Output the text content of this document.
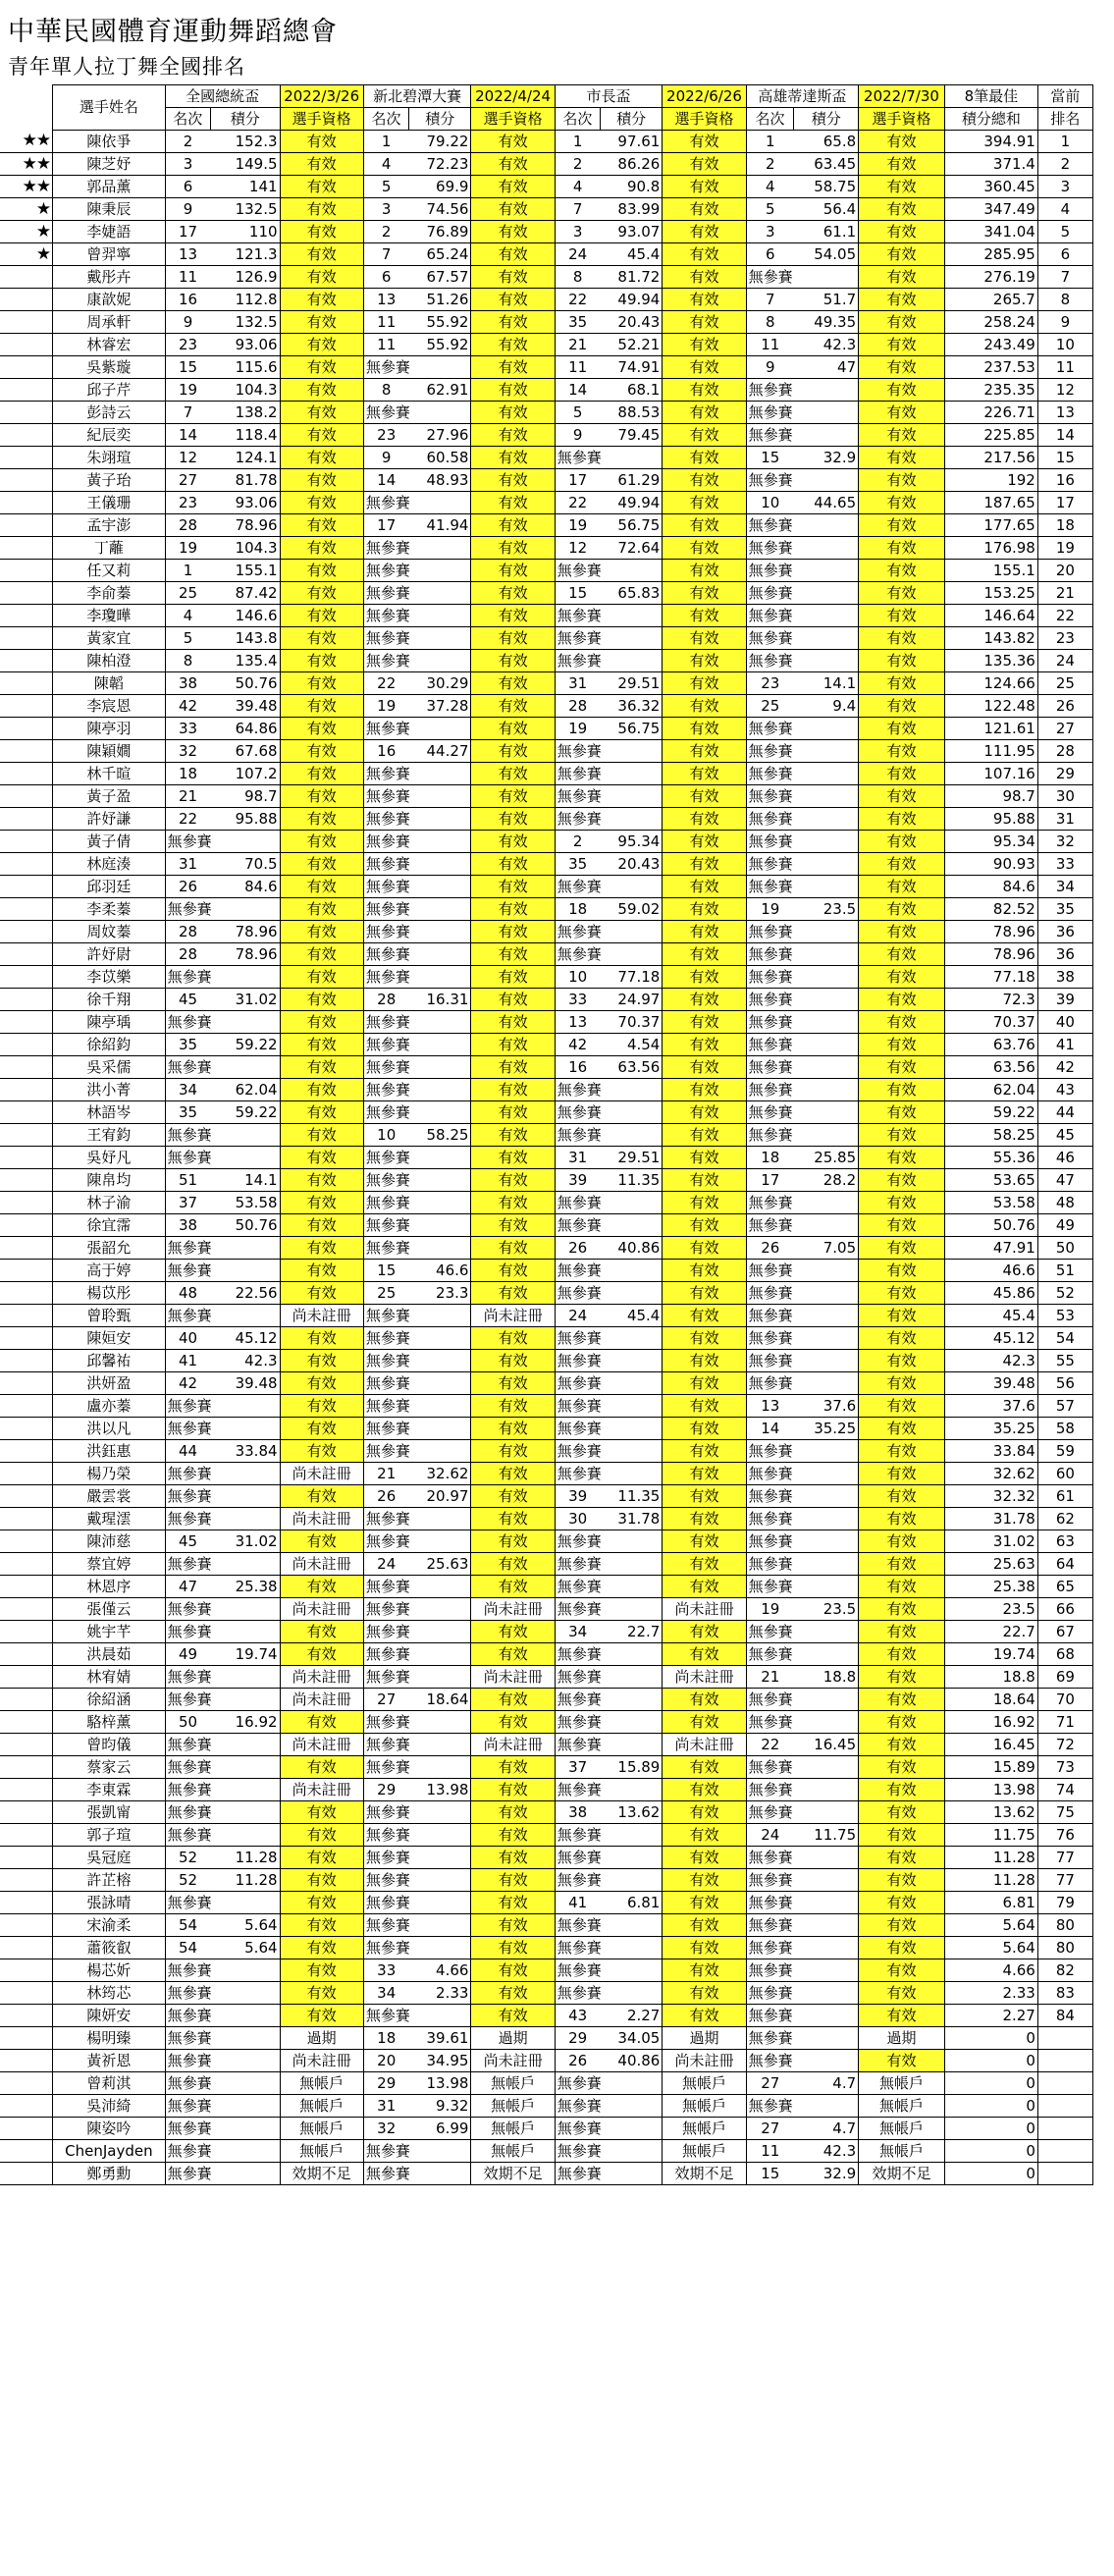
中華民國體育運動舞蹈總會
青年單人拉丁舞全國排名
	選手姓名	全國總統盃		2022/3/26	新北碧潭大賽		2022/4/24	市長盃		2022/6/26	高雄蒂達斯盃		2022/7/30	8筆最佳	當前
		名次	積分	選手資格	名次	積分	選手資格	名次	積分	選手資格	名次	積分	選手資格	積分總和	排名
★★	陳依爭	2	152.3	有效	1	79.22	有效	1	97.61	有效	1	65.8	有效	394.91	1
★★	陳芝妤	3	149.5	有效	4	72.23	有效	2	86.26	有效	2	63.45	有效	371.4	2
★★	郭品薰	6	141	有效	5	69.9	有效	4	90.8	有效	4	58.75	有效	360.45	3
★	陳秉辰	9	132.5	有效	3	74.56	有效	7	83.99	有效	5	56.4	有效	347.49	4
★	李婕語	17	110	有效	2	76.89	有效	3	93.07	有效	3	61.1	有效	341.04	5
★	曾羿寧	13	121.3	有效	7	65.24	有效	24	45.4	有效	6	54.05	有效	285.95	6
	戴彤卉	11	126.9	有效	6	67.57	有效	8	81.72	有效	無參賽		有效	276.19	7
	康歆妮	16	112.8	有效	13	51.26	有效	22	49.94	有效	7	51.7	有效	265.7	8
	周承軒	9	132.5	有效	11	55.92	有效	35	20.43	有效	8	49.35	有效	258.24	9
	林睿宏	23	93.06	有效	11	55.92	有效	21	52.21	有效	11	42.3	有效	243.49	10
	吳紫璇	15	115.6	有效	無參賽		有效	11	74.91	有效	9	47	有效	237.53	11
	邱子芹	19	104.3	有效	8	62.91	有效	14	68.1	有效	無參賽		有效	235.35	12
	彭詩云	7	138.2	有效	無參賽		有效	5	88.53	有效	無參賽		有效	226.71	13
	紀辰奕	14	118.4	有效	23	27.96	有效	9	79.45	有效	無參賽		有效	225.85	14
	朱翊瑄	12	124.1	有效	9	60.58	有效	無參賽		有效	15	32.9	有效	217.56	15
	黃子珆	27	81.78	有效	14	48.93	有效	17	61.29	有效	無參賽		有效	192	16
	王儀珊	23	93.06	有效	無參賽		有效	22	49.94	有效	10	44.65	有效	187.65	17
	孟宇澎	28	78.96	有效	17	41.94	有效	19	56.75	有效	無參賽		有效	177.65	18
	丁蘺	19	104.3	有效	無參賽		有效	12	72.64	有效	無參賽		有效	176.98	19
	任又莉	1	155.1	有效	無參賽		有效	無參賽		有效	無參賽		有效	155.1	20
	李俞蓁	25	87.42	有效	無參賽		有效	15	65.83	有效	無參賽		有效	153.25	21
	李瓊曄	4	146.6	有效	無參賽		有效	無參賽		有效	無參賽		有效	146.64	22
	黃家宜	5	143.8	有效	無參賽		有效	無參賽		有效	無參賽		有效	143.82	23
	陳柏澄	8	135.4	有效	無參賽		有效	無參賽		有效	無參賽		有效	135.36	24
	陳韜	38	50.76	有效	22	30.29	有效	31	29.51	有效	23	14.1	有效	124.66	25
	李宸恩	42	39.48	有效	19	37.28	有效	28	36.32	有效	25	9.4	有效	122.48	26
	陳亭羽	33	64.86	有效	無參賽		有效	19	56.75	有效	無參賽		有效	121.61	27
	陳穎嫺	32	67.68	有效	16	44.27	有效	無參賽		有效	無參賽		有效	111.95	28
	林千暄	18	107.2	有效	無參賽		有效	無參賽		有效	無參賽		有效	107.16	29
	黃子盈	21	98.7	有效	無參賽		有效	無參賽		有效	無參賽		有效	98.7	30
	許妤謙	22	95.88	有效	無參賽		有效	無參賽		有效	無參賽		有效	95.88	31
	黃子倩	無參賽		有效	無參賽		有效	2	95.34	有效	無參賽		有效	95.34	32
	林庭湊	31	70.5	有效	無參賽		有效	35	20.43	有效	無參賽		有效	90.93	33
	邱羽廷	26	84.6	有效	無參賽		有效	無參賽		有效	無參賽		有效	84.6	34
	李柔蓁	無參賽		有效	無參賽		有效	18	59.02	有效	19	23.5	有效	82.52	35
	周妏蓁	28	78.96	有效	無參賽		有效	無參賽		有效	無參賽		有效	78.96	36
	許妤尉	28	78.96	有效	無參賽		有效	無參賽		有效	無參賽		有效	78.96	36
	李苡樂	無參賽		有效	無參賽		有效	10	77.18	有效	無參賽		有效	77.18	38
	徐千翔	45	31.02	有效	28	16.31	有效	33	24.97	有效	無參賽		有效	72.3	39
	陳亭瑀	無參賽		有效	無參賽		有效	13	70.37	有效	無參賽		有效	70.37	40
	徐紹鈞	35	59.22	有效	無參賽		有效	42	4.54	有效	無參賽		有效	63.76	41
	吳采儒	無參賽		有效	無參賽		有效	16	63.56	有效	無參賽		有效	63.56	42
	洪小菁	34	62.04	有效	無參賽		有效	無參賽		有效	無參賽		有效	62.04	43
	林語岑	35	59.22	有效	無參賽		有效	無參賽		有效	無參賽		有效	59.22	44
	王宥鈞	無參賽		有效	10	58.25	有效	無參賽		有效	無參賽		有效	58.25	45
	吳妤凡	無參賽		有效	無參賽		有效	31	29.51	有效	18	25.85	有效	55.36	46
	陳帛均	51	14.1	有效	無參賽		有效	39	11.35	有效	17	28.2	有效	53.65	47
	林子渝	37	53.58	有效	無參賽		有效	無參賽		有效	無參賽		有效	53.58	48
	徐宜霈	38	50.76	有效	無參賽		有效	無參賽		有效	無參賽		有效	50.76	49
	張韶允	無參賽		有效	無參賽		有效	26	40.86	有效	26	7.05	有效	47.91	50
	高于婷	無參賽		有效	15	46.6	有效	無參賽		有效	無參賽		有效	46.6	51
	楊苡彤	48	22.56	有效	25	23.3	有效	無參賽		有效	無參賽		有效	45.86	52
	曾聆甄	無參賽		尚未註冊	無參賽		尚未註冊	24	45.4	有效	無參賽		有效	45.4	53
	陳姮安	40	45.12	有效	無參賽		有效	無參賽		有效	無參賽		有效	45.12	54
	邱馨祐	41	42.3	有效	無參賽		有效	無參賽		有效	無參賽		有效	42.3	55
	洪妍盈	42	39.48	有效	無參賽		有效	無參賽		有效	無參賽		有效	39.48	56
	盧亦蓁	無參賽		有效	無參賽		有效	無參賽		有效	13	37.6	有效	37.6	57
	洪以凡	無參賽		有效	無參賽		有效	無參賽		有效	14	35.25	有效	35.25	58
	洪鈺惠	44	33.84	有效	無參賽		有效	無參賽		有效	無參賽		有效	33.84	59
	楊乃榮	無參賽		尚未註冊	21	32.62	有效	無參賽		有效	無參賽		有效	32.62	60
	嚴雲裳	無參賽		有效	26	20.97	有效	39	11.35	有效	無參賽		有效	32.32	61
	戴瑆澐	無參賽		尚未註冊	無參賽		有效	30	31.78	有效	無參賽		有效	31.78	62
	陳沛慈	45	31.02	有效	無參賽		有效	無參賽		有效	無參賽		有效	31.02	63
	蔡宜婷	無參賽		尚未註冊	24	25.63	有效	無參賽		有效	無參賽		有效	25.63	64
	林恩序	47	25.38	有效	無參賽		有效	無參賽		有效	無參賽		有效	25.38	65
	張僅云	無參賽		尚未註冊	無參賽		尚未註冊	無參賽		尚未註冊	19	23.5	有效	23.5	66
	姚宇芊	無參賽		有效	無參賽		有效	34	22.7	有效	無參賽		有效	22.7	67
	洪晨茹	49	19.74	有效	無參賽		有效	無參賽		有效	無參賽		有效	19.74	68
	林宥婧	無參賽		尚未註冊	無參賽		尚未註冊	無參賽		尚未註冊	21	18.8	有效	18.8	69
	徐紹涵	無參賽		尚未註冊	27	18.64	有效	無參賽		有效	無參賽		有效	18.64	70
	駱梓薰	50	16.92	有效	無參賽		有效	無參賽		有效	無參賽		有效	16.92	71
	曾昀儀	無參賽		尚未註冊	無參賽		尚未註冊	無參賽		尚未註冊	22	16.45	有效	16.45	72
	蔡家云	無參賽		有效	無參賽		有效	37	15.89	有效	無參賽		有效	15.89	73
	李東霖	無參賽		尚未註冊	29	13.98	有效	無參賽		有效	無參賽		有效	13.98	74
	張凱甯	無參賽		有效	無參賽		有效	38	13.62	有效	無參賽		有效	13.62	75
	郭子瑄	無參賽		有效	無參賽		有效	無參賽		有效	24	11.75	有效	11.75	76
	吳冠庭	52	11.28	有效	無參賽		有效	無參賽		有效	無參賽		有效	11.28	77
	許芷榕	52	11.28	有效	無參賽		有效	無參賽		有效	無參賽		有效	11.28	77
	張詠晴	無參賽		有效	無參賽		有效	41	6.81	有效	無參賽		有效	6.81	79
	宋渝柔	54	5.64	有效	無參賽		有效	無參賽		有效	無參賽		有效	5.64	80
	蕭筱叡	54	5.64	有效	無參賽		有效	無參賽		有效	無參賽		有效	5.64	80
	楊芯妡	無參賽		有效	33	4.66	有效	無參賽		有效	無參賽		有效	4.66	82
	林筠芯	無參賽		有效	34	2.33	有效	無參賽		有效	無參賽		有效	2.33	83
	陳妍安	無參賽		有效	無參賽		有效	43	2.27	有效	無參賽		有效	2.27	84
	楊明臻	無參賽		過期	18	39.61	過期	29	34.05	過期	無參賽		過期	0	
	黃祈恩	無參賽		尚未註冊	20	34.95	尚未註冊	26	40.86	尚未註冊	無參賽		有效	0	
	曾莉淇	無參賽		無帳戶	29	13.98	無帳戶	無參賽		無帳戶	27	4.7	無帳戶	0	
	吳沛綺	無參賽		無帳戶	31	9.32	無帳戶	無參賽		無帳戶	無參賽		無帳戶	0	
	陳姿吟	無參賽		無帳戶	32	6.99	無帳戶	無參賽		無帳戶	27	4.7	無帳戶	0	
	ChenJayden	無參賽		無帳戶	無參賽		無帳戶	無參賽		無帳戶	11	42.3	無帳戶	0	
	鄭勇勳	無參賽		效期不足	無參賽		效期不足	無參賽		效期不足	15	32.9	效期不足	0	
